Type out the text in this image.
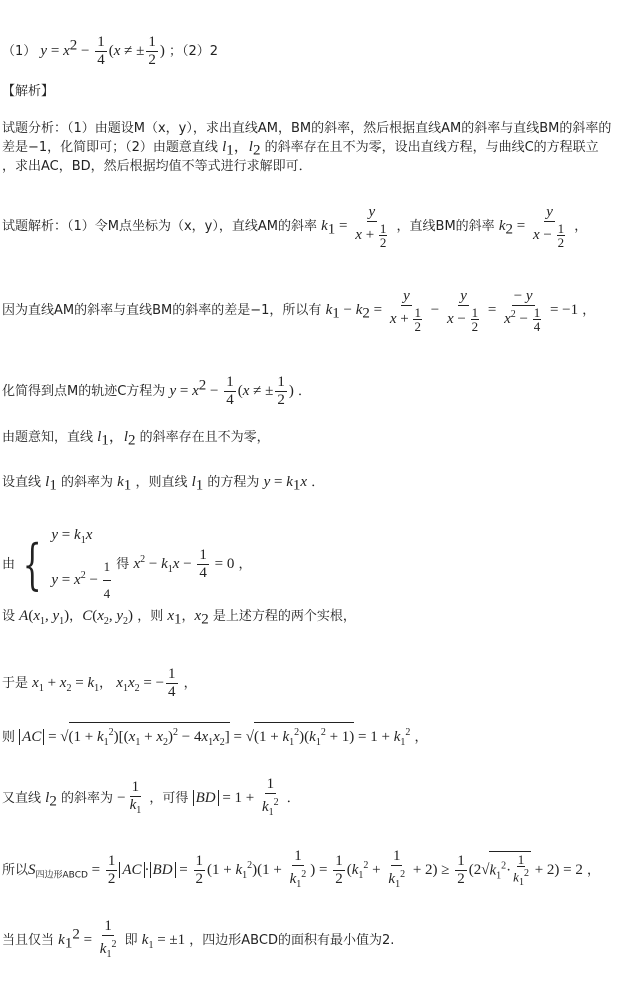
（1） $y = x^2 - \frac{1}{4} (x$ ≠ ± $\frac{1}{2}$ ) ；（2）2
【解析】
试题分析：（1）由题设M（x，y），求出直线AM，BM的斜率，然后根据直线AM的斜率与直线BM的斜率的
差是−1，化简即可；（2）由题意直线 $l_1$，$l_2$ 的斜率存在且不为零，设出直线方程，与曲线C的方程联立
，求出AC，BD，然后根据均值不等式进行求解即可．
试题解析：（1）令M点坐标为（x，y），直线AM的斜率 $k_1 = \frac{y}{x + \frac{1}{2}}$ ，直线BM的斜率 $k_2 = \frac{y}{x - \frac{1}{2}}$ ，
因为直线AM的斜率与直线BM的斜率的差是−1，所以有 $k_1 - k_2 = \frac{y}{x + \frac{1}{2}} - \frac{y}{x - \frac{1}{2}} = \frac{- y}{x^2 - \frac{1}{4}} = -1$ ，
化简得到点M的轨迹C方程为 $y = x^2 - \frac{1}{4} (x$ ≠ ± $\frac{1}{2}$ ) ．
由题意知，直线 $l_1$，$l_2$ 的斜率存在且不为零，
设直线 $l_1$ 的斜率为 $k_1$ ，则直线 $l_1$ 的方程为 $y = k_1x$ ．
由 { $y = k_1x$
$y = x^2 - \frac{1}{4}$ 得 $x^2 - k_1x - \frac{1}{4} = 0$ ，
设 $A(x_1$, $y_1$)，$C(x_2$, $y_2$) ，则 $x_1$，$x_2$ 是上述方程的两个实根，
于是 $x_1 + x_2 = k_1$， $x_1x_2$ = − $\frac{1}{4}$ ，
则 AC = $√(1 + k_1^2)[(x_1 + x_2)^2 - 4x_1x_2] = √(1 + k_1^2)(k_1^2 + 1) = 1 + k_1^2$ ，
又直线 $l_2$ 的斜率为 − $\frac{1}{k_1}$ ，可得 BD = $1 + \frac{1}{k_1^2}$ ．
所以$S_{四边形ABCD} = \frac{1}{2}$ AC · BD = $\frac{1}{2} (1 + k_1^2)(1 + \frac{1}{k_1^2}$ ) = $\frac{1}{2} (k_1^2 + \frac{1}{k_1^2} + 2) \ge \frac{1}{2} (2√k_1^2\cdot \frac{1}{k_1^2} + 2) = 2$ ，
当且仅当 $k_1^2 = \frac{1}{k_1^2}$ 即 $k_1 = \pm 1$ ，四边形ABCD的面积有最小值为2.
